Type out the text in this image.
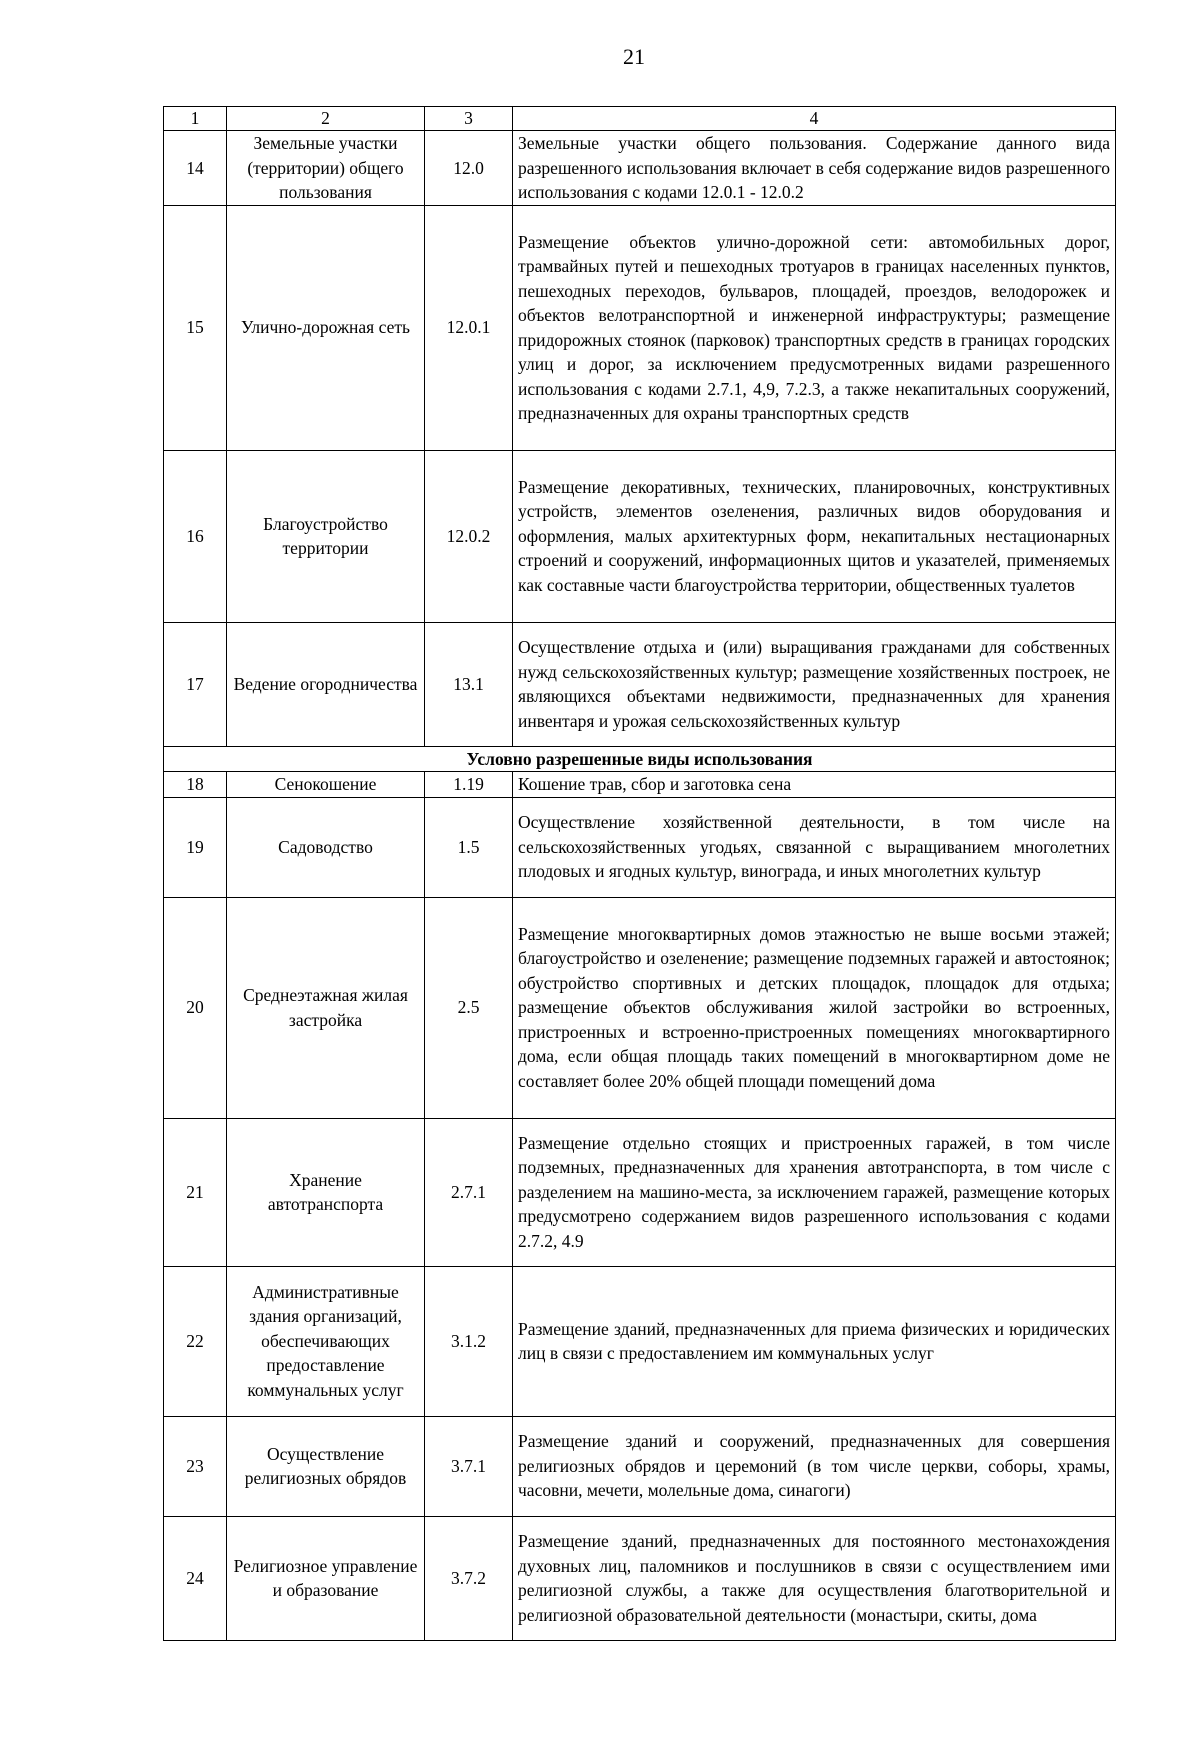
21
1	2	3	4
14	Земельные участки (территории) общего пользования	12.0	Земельные участки общего пользования. Содержание данного вида разрешенного использования включает в себя содержание видов разрешенного использования с кодами 12.0.1 - 12.0.2
15	Улично-дорожная сеть	12.0.1	Размещение объектов улично-дорожной сети: автомобильных дорог, трамвайных путей и пешеходных тротуаров в границах населенных пунктов, пешеходных переходов, бульваров, площадей, проездов, велодорожек и объектов велотранспортной и инженерной инфраструктуры; размещение придорожных стоянок (парковок) транспортных средств в границах городских улиц и дорог, за исключением предусмотренных видами разрешенного использования с кодами 2.7.1, 4,9, 7.2.3, а также некапитальных сооружений, предназначенных для охраны транспортных средств
16	Благоустройство территории	12.0.2	Размещение декоративных, технических, планировочных, конструктивных устройств, элементов озеленения, различных видов оборудования и оформления, малых архитектурных форм, некапитальных нестационарных строений и сооружений, информационных щитов и указателей, применяемых как составные части благоустройства территории, общественных туалетов
17	Ведение огородничества	13.1	Осуществление отдыха и (или) выращивания гражданами для собственных нужд сельскохозяйственных культур; размещение хозяйственных построек, не являющихся объектами недвижимости, предназначенных для хранения инвентаря и урожая сельскохозяйственных культур
Условно разрешенные виды использования			
18	Сенокошение	1.19	Кошение трав, сбор и заготовка сена
19	Садоводство	1.5	Осуществление хозяйственной деятельности, в том числе на сельскохозяйственных угодьях, связанной с выращиванием многолетних плодовых и ягодных культур, винограда, и иных многолетних культур
20	Среднеэтажная жилая застройка	2.5	Размещение многоквартирных домов этажностью не выше восьми этажей; благоустройство и озеленение; размещение подземных гаражей и автостоянок; обустройство спортивных и детских площадок, площадок для отдыха; размещение объектов обслуживания жилой застройки во встроенных, пристроенных и встроенно-пристроенных помещениях многоквартирного дома, если общая площадь таких помещений в многоквартирном доме не составляет более 20% общей площади помещений дома
21	Хранение автотранспорта	2.7.1	Размещение отдельно стоящих и пристроенных гаражей, в том числе подземных, предназначенных для хранения автотранспорта, в том числе с разделением на машино-места, за исключением гаражей, размещение которых предусмотрено содержанием видов разрешенного использования с кодами 2.7.2, 4.9
22	Административные здания организаций, обеспечивающих предоставление коммунальных услуг	3.1.2	Размещение зданий, предназначенных для приема физических и юридических лиц в связи с предоставлением им коммунальных услуг
23	Осуществление религиозных обрядов	3.7.1	Размещение зданий и сооружений, предназначенных для совершения религиозных обрядов и церемоний (в том числе церкви, соборы, храмы, часовни, мечети, молельные дома, синагоги)
24	Религиозное управление и образование	3.7.2	Размещение зданий, предназначенных для постоянного местонахождения духовных лиц, паломников и послушников в связи с осуществлением ими религиозной службы, а также для осуществления благотворительной и религиозной образовательной деятельности (монастыри, скиты, дома
